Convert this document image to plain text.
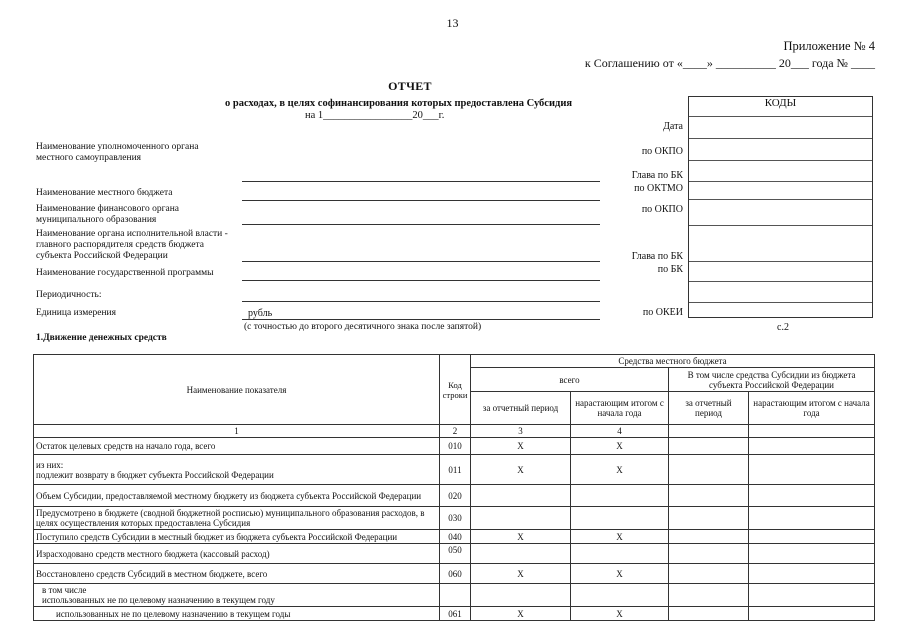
13
Приложение № 4
к Соглашению от «____» __________ 20___ года № ____
ОТЧЕТ
о расходах, в целях софинансирования которых предоставлена Субсидия
на 1_________________20___г.
Наименование уполномоченного органа
местного самоуправления
Наименование местного бюджета
Наименование финансового органа
муниципального образования
Наименование органа исполнительной власти -
главного распорядителя средств бюджета
субъекта Российской Федерации
Наименование государственной программы
Периодичность:
Единица измерения	рубль
(с точностью до второго десятичного знака после запятой)
Дата
по ОКПО
Глава по БК
по ОКТМО
по ОКПО
Глава по БК
по БК
по ОКЕИ
КОДЫ
с.2
1.Движение денежных средств
Наименование показателя	Код строки	Средства местного бюджета			
		всего		В том числе средства Субсидии из бюджета субъекта Российской Федерации	
		за отчетный период	нарастающим итогом с начала года	за отчетный период	нарастающим итогом с начала года
1	2	3	4		
Остаток целевых средств на начало года, всего	010	X	X		
из них:
подлежит возврату в бюджет субъекта Российской Федерации	011	X	X		
Объем Субсидии, предоставляемой местному бюджету из бюджета субъекта Российской Федерации	020				
Предусмотрено в бюджете (сводной бюджетной росписью) муниципального образования расходов, в целях осуществления которых предоставлена Субсидия	030				
Поступило средств Субсидии в местный бюджет из бюджета субъекта Российской Федерации	040	X	X		
Израсходовано средств местного бюджета (кассовый расход)	050				
Восстановлено средств Субсидий в местном бюджете, всего	060	X	X		
в том числе
использованных не по целевому назначению в текущем году					
использованных не по целевому назначению в текущем годы	061	X	X		
